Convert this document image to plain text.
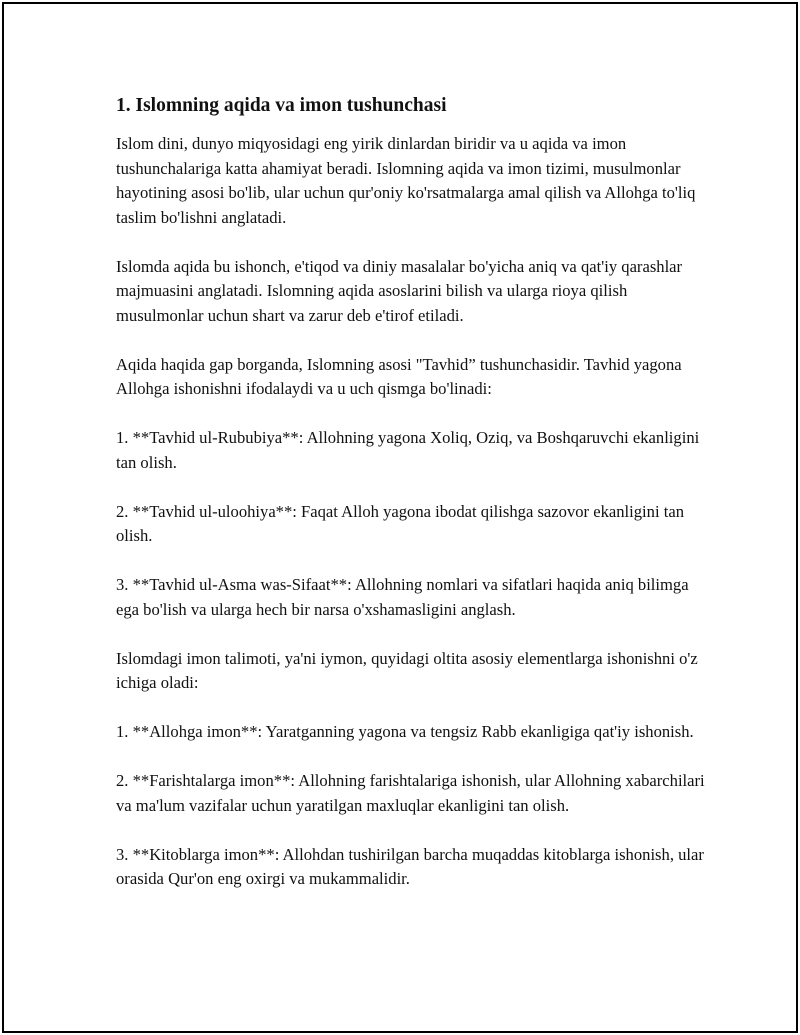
1. Islomning aqida va imon tushunchasi

Islom dini, dunyo miqyosidagi eng yirik dinlardan biridir va u aqida va imon tushunchalariga katta ahamiyat beradi. Islomning aqida va imon tizimi, musulmonlar hayotining asosi bo'lib, ular uchun qur'oniy ko'rsatmalarga amal qilish va Allohga to'liq taslim bo'lishni anglatadi.

Islomda aqida bu ishonch, e'tiqod va diniy masalalar bo'yicha aniq va qat'iy qarashlar majmuasini anglatadi. Islomning aqida asoslarini bilish va ularga rioya qilish musulmonlar uchun shart va zarur deb e'tirof etiladi.

Aqida haqida gap borganda, Islomning asosi "Tavhid” tushunchasidir. Tavhid yagona Allohga ishonishni ifodalaydi va u uch qismga bo'linadi:

1. **Tavhid ul-Rububiya**: Allohning yagona Xoliq, Oziq, va Boshqaruvchi ekanligini tan olish.

2. **Tavhid ul-uloohiya**: Faqat Alloh yagona ibodat qilishga sazovor ekanligini tan olish.

3. **Tavhid ul-Asma was-Sifaat**: Allohning nomlari va sifatlari haqida aniq bilimga ega bo'lish va ularga hech bir narsa o'xshamasligini anglash.

Islomdagi imon talimoti, ya'ni iymon, quyidagi oltita asosiy elementlarga ishonishni o'z ichiga oladi:

1. **Allohga imon**: Yaratganning yagona va tengsiz Rabb ekanligiga qat'iy ishonish.

2. **Farishtalarga imon**: Allohning farishtalariga ishonish, ular Allohning xabarchilari va ma'lum vazifalar uchun yaratilgan maxluqlar ekanligini tan olish.

3. **Kitoblarga imon**: Allohdan tushirilgan barcha muqaddas kitoblarga ishonish, ular orasida Qur'on eng oxirgi va mukammalidir.
